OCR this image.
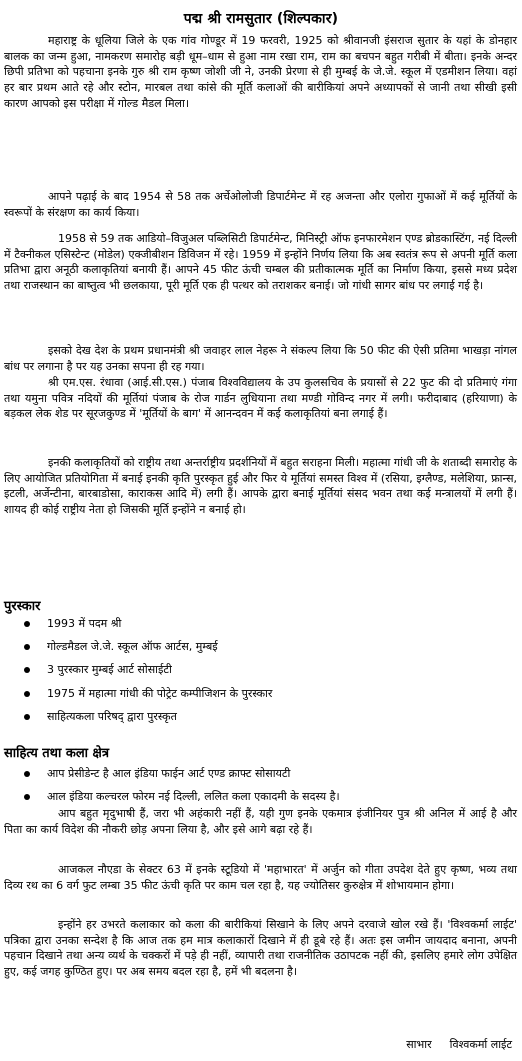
पद्म श्री रामसुतार (शिल्पकार)

महाराष्ट्र के धूलिया जिले के एक गांव गोण्डूर में 19 फरवरी, 1925 को श्रीवानजी इंसराज सुतार के यहां के डोनहार बालक का जन्म हुआ, नामकरण समारोह बड़ी धूम–धाम से हुआ नाम रखा राम, राम का बचपन बहुत गरीबी में बीता। इनके अन्दर छिपी प्रतिभा को पहचाना इनके गुरु श्री राम कृष्ण जोशी जी ने, उनकी प्रेरणा से ही मुम्बई के जे.जे. स्कूल में एडमीशन लिया। वहां हर बार प्रथम आते रहे और स्टोन, मारबल तथा कांसे की मूर्ति कलाओं की बारीकियां अपने अध्यापकों से जानी तथा सीखी इसी कारण आपको इस परीक्षा में गोल्ड मैडल मिला।

आपने पढ़ाई के बाद 1954 से 58 तक अर्चेओलोजी डिपार्टमेन्ट में रह अजन्ता और एलोरा गुफाओं में कई मूर्तियों के स्वरूपों के संरक्षण का कार्य किया।

1958 से 59 तक आडियो–विजुअल पब्लिसिटी डिपार्टमेन्ट, मिनिस्ट्री ऑफ इनफारमेशन एण्ड ब्रोडकास्टिंग, नई दिल्ली में टैक्नीकल एसिस्टेन्ट (मोडेल) एक्जीबीशन डिविजन में रहे। 1959 में इन्होंने निर्णय लिया कि अब स्वतंत्र रूप से अपनी मूर्ति कला प्रतिभा द्वारा अनूठी कलाकृतियां बनायी हैं। आपने 45 फीट ऊंची चम्बल की प्रतीकात्मक मूर्ति का निर्माण किया, इससे मध्य प्रदेश तथा राजस्थान का बाष्तुत्व भी छलकाया, पूरी मूर्ति एक ही पत्थर को तराशकर बनाई। जो गांधी सागर बांध पर लगाई गई है।

इसको देख देश के प्रथम प्रधानमंत्री श्री जवाहर लाल नेहरू ने संकल्प लिया कि 50 फीट की ऐसी प्रतिमा भाखड़ा नांगल बांध पर लगाना है पर यह उनका सपना ही रह गया।

श्री एम.एस. रंधावा (आई.सी.एस.) पंजाब विश्वविद्यालय के उप कुलसचिव के प्रयासों से 22 फुट की दो प्रतिमाएं गंगा तथा यमुना पवित्र नदियों की मूर्तियां पंजाब के रोज गार्डन लुधियाना तथा मण्डी गोविन्द नगर में लगी। फरीदाबाद (हरियाणा) के बड़कल लेक शेड पर सूरजकुण्ड में 'मूर्तियों के बाग' में आनन्दवन में कई कलाकृतियां बना लगाई हैं।

इनकी कलाकृतियों को राष्ट्रीय तथा अन्तर्राष्ट्रीय प्रदर्शनियों में बहुत सराहना मिली। महात्मा गांधी जी के शताब्दी समारोह के लिए आयोजित प्रतियोगिता में बनाई इनकी कृति पुरस्कृत हुई और फिर ये मूर्तियां समस्त विश्व में (रसिया, इग्लैण्ड, मलेशिया, फ्रान्स, इटली, अर्जेन्टीना, बारबाडोसा, काराकस आदि में) लगी हैं। आपके द्वारा बनाई मूर्तियां संसद भवन तथा कई मन्त्रालयों में लगी हैं। शायद ही कोई राष्ट्रीय नेता हो जिसकी मूर्ति इन्होंने न बनाई हो।

पुरस्कार
1993 में पदम श्री
गोल्डमैडल जे.जे. स्कूल ऑफ आर्टस, मुम्बई
3 पुरस्कार मुम्बई आर्ट सोसाईटी
1975 में महात्मा गांधी की पोट्रेट कम्पीजिशन के पुरस्कार
साहित्यकला परिषद् द्वारा पुरस्कृत
साहित्य तथा कला क्षेत्र
आप प्रेसीडेन्ट है आल इंडिया फाईन आर्ट एण्ड क्राफ्ट सोसायटी
आल इंडिया कल्चरल फोरम नई दिल्ली, ललित कला एकादमी के सदस्य है।

आप बहुत मृदुभाषी हैं, जरा भी अहंकारी नहीं हैं, यही गुण इनके एकमात्र इंजीनियर पुत्र श्री अनिल में आई है और पिता का कार्य विदेश की नौकरी छोड़ अपना लिया है, और इसे आगे बढ़ा रहे हैं।

आजकल नौएडा के सेक्टर 63 में इनके स्टूडियो में 'महाभारत' में अर्जुन को गीता उपदेश देते हुए कृष्ण, भव्य तथा दिव्य रथ का 6 वर्ग फुट लम्बा 35 फीट ऊंची कृति पर काम चल रहा है, यह ज्योतिसर कुरुक्षेत्र में शोभायमान होगा।

इन्होंने हर उभरते कलाकार को कला की बारीकियां सिखाने के लिए अपने दरवाजे खोल रखे हैं। 'विश्वकर्मा लाईट' पत्रिका द्वारा उनका सन्देश है कि आज तक हम मात्र कलाकारों दिखाने में ही डूबे रहे हैं। अतः इस जमीन जायदाद बनाना, अपनी पहचान दिखाने तथा अन्य व्यर्थ के चक्करों में पड़े ही नहीं, व्यापारी तथा राजनीतिक उठापटक नहीं की, इसलिए हमारे लोग उपेक्षित हुए, कई जगह कुण्ठित हुए। पर अब समय बदल रहा है, हमें भी बदलना है।

साभार विश्वकर्मा लाईट
